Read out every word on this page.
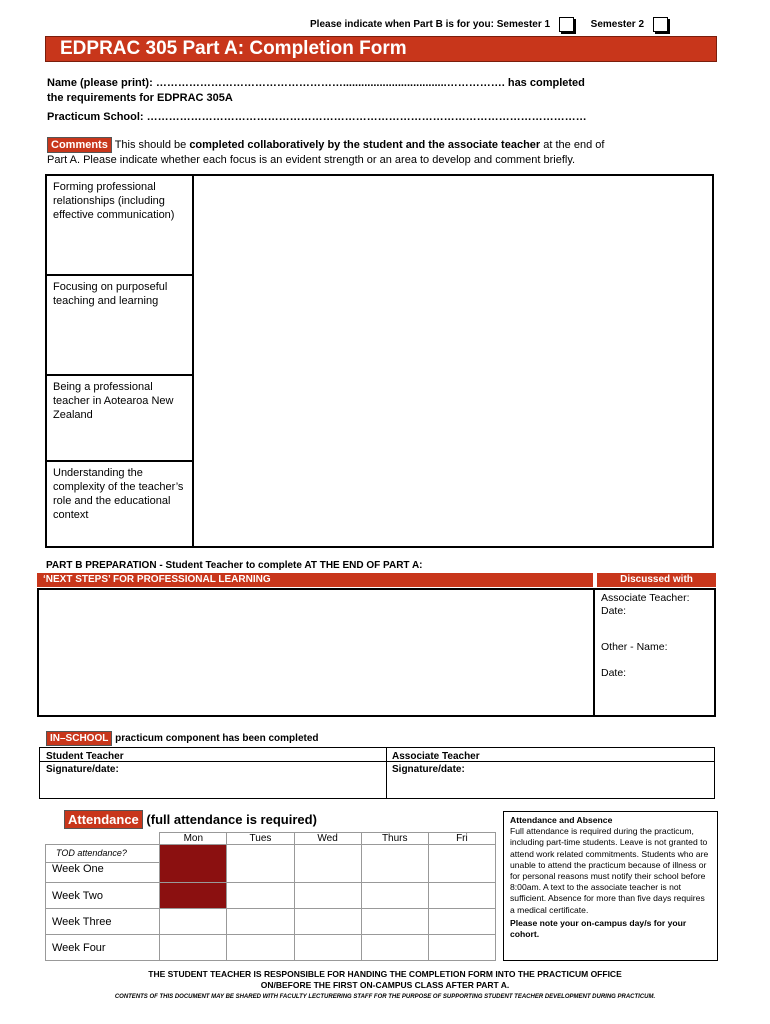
Please indicate when Part B is for you: Semester 1	Semester 2
EDPRAC 305 Part A: Completion Form
Name (please print): ……………………………………………..................................……………. has completed
the requirements for EDPRAC 305A
Practicum School: …………………………………………………………………………………………………………
Comments This should be completed collaboratively by the student and the associate teacher at the end of
Part A. Please indicate whether each focus is an evident strength or an area to develop and comment briefly.
Forming professional relationships (including effective communication)
Focusing on purposeful teaching and learning
Being a professional teacher in Aotearoa New Zealand
Understanding the complexity of the teacher’s role and the educational context
PART B PREPARATION - Student Teacher to complete AT THE END OF PART A:
‘NEXT STEPS’ FOR PROFESSIONAL LEARNING	Discussed with
Associate Teacher:
Date:
Other - Name:
Date:
IN–SCHOOL practicum component has been completed
Student Teacher
Signature/date:
Associate Teacher
Signature/date:
Attendance (full attendance is required)
	Mon	Tues	Wed	Thurs	Fri
TOD attendance?					
Week One					
Week Two					
Week Three					
Week Four					
Attendance and Absence
Full attendance is required during the practicum, including part-time students. Leave is not granted to attend work related commitments. Students who are unable to attend the practicum because of illness or for personal reasons must notify their school before 8:00am. A text to the associate teacher is not sufficient. Absence for more than five days requires a medical certificate.
Please note your on-campus day/s for your cohort.
THE STUDENT TEACHER IS RESPONSIBLE FOR HANDING THE COMPLETION FORM INTO THE PRACTICUM OFFICE
ON/BEFORE THE FIRST ON-CAMPUS CLASS AFTER PART A.
CONTENTS OF THIS DOCUMENT MAY BE SHARED WITH FACULTY LECTURERING STAFF FOR THE PURPOSE OF SUPPORTING STUDENT TEACHER DEVELOPMENT DURING PRACTICUM.
